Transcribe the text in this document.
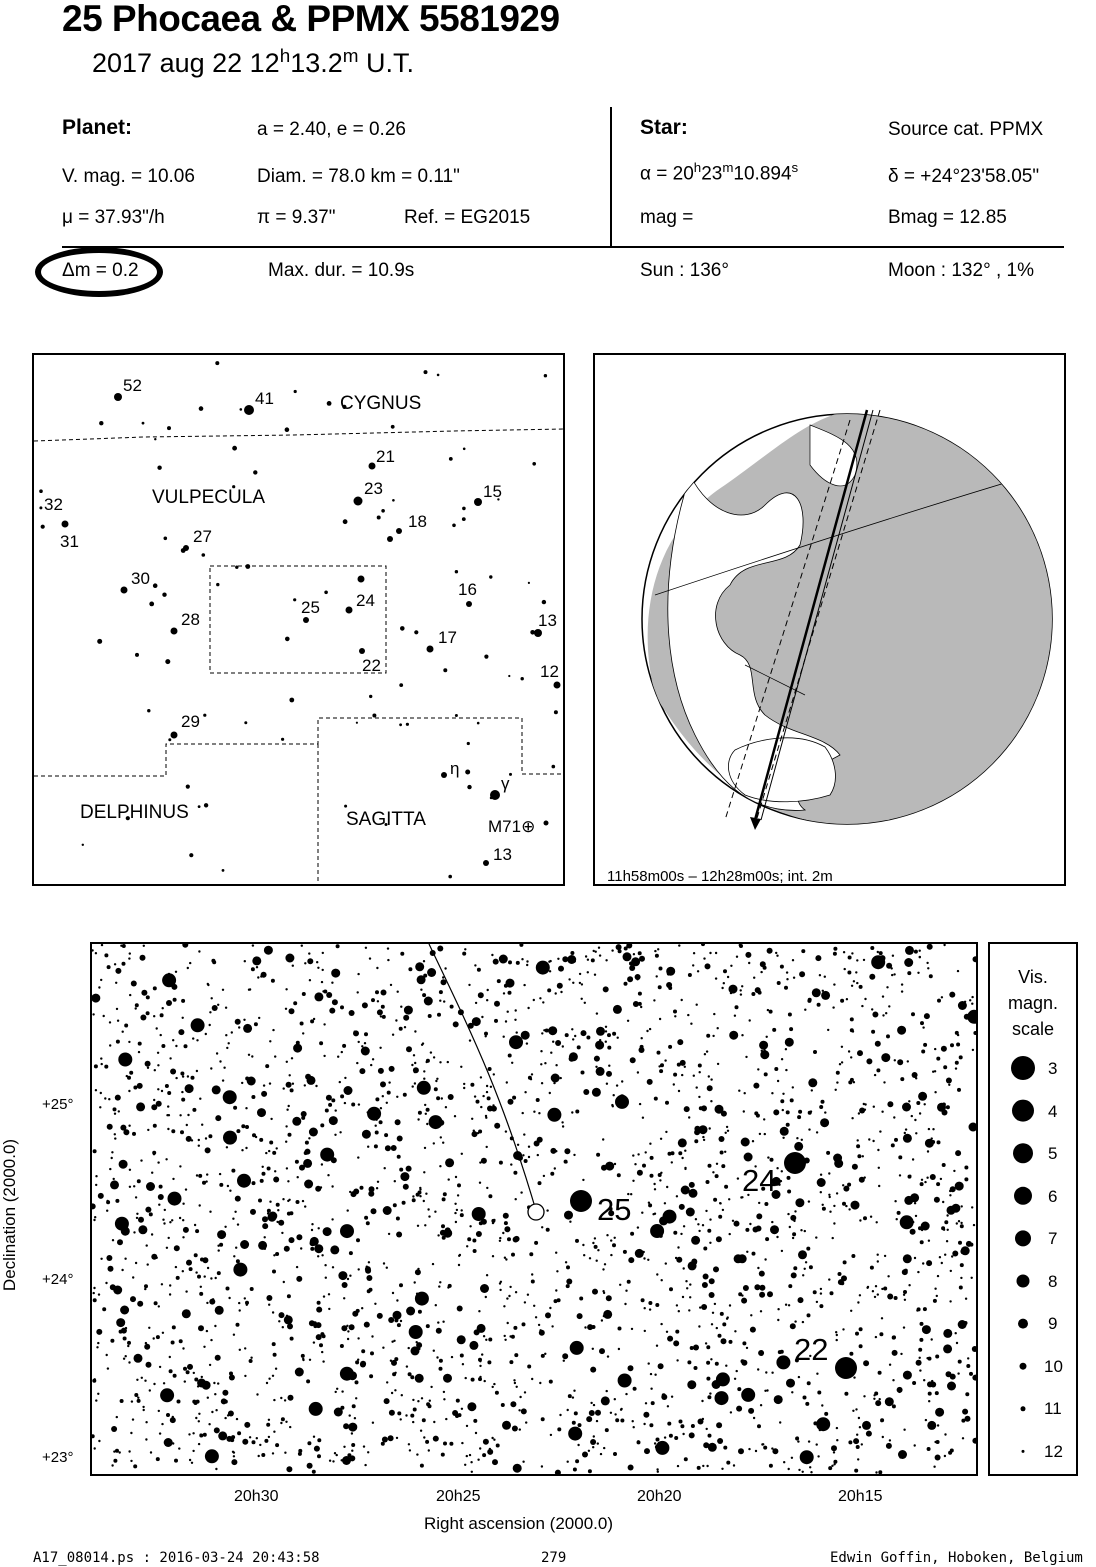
25 Phocaea & PPMX 5581929
2017 aug 22 12$^h$13.2$^m$ U.T.
Planet:	a = 2.40, e = 0.26
V. mag. = 10.06	Diam. = 78.0 km = 0.11"
μ = 37.93"/h	π = 9.37"	Ref. = EG2015
Star:	Source cat. PPMX
$\alpha = 20^h23^m10.894^s$	δ = +24°23'58.05"
mag =	Bmag = 12.85
Δm = 0.2	Max. dur. = 10.9s	Sun : 136°	Moon : 132° , 1%
CYGNUS
VULPECULA
DELPHINUS	SAGITTA
52
41
21
23	15
18
32
31	27
30
16
13
28
25 24
17
22	12
29
η
γ
M71⊕
13
11h58m00s – 12h28m00s; int. 2m
Declination (2000.0)	25
24
22
+25°
+24°
+23°
20h30	20h25	20h20	20h15
Right ascension (2000.0)
Vis.
magn.
scale
3
4
5
6
7
8
9
10
11
12
A17_08014.ps : 2016-03-24 20:43:58	279	Edwin Goffin, Hoboken, Belgium
